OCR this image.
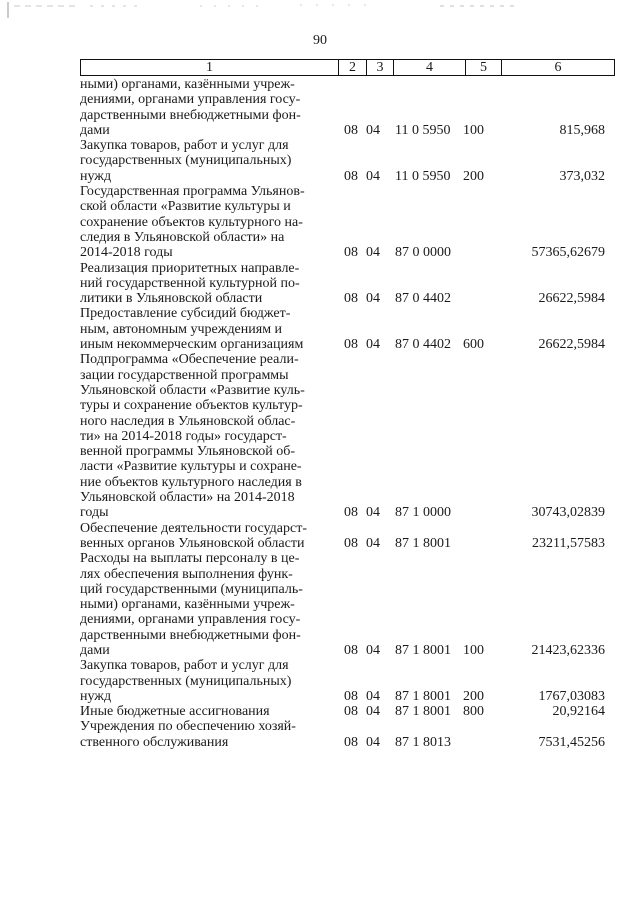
90
1	2	3	4	5	6
ными) органами, казёнными учреж-
дениями, органами управления госу-
дарственными внебюджетными фон-
дами	08 04	11 0 5950 100	815,968
Закупка товаров, работ и услуг для
государственных (муниципальных)
нужд	08 04	11 0 5950 200	373,032
Государственная программа Ульянов-
ской области «Развитие культуры и
сохранение объектов культурного на-
следия в Ульяновской области» на
2014-2018 годы	08 04	87 0 0000	57365,62679
Реализация приоритетных направле-
ний государственной культурной по-
литики в Ульяновской области	08 04	87 0 4402	26622,5984
Предоставление субсидий бюджет-
ным, автономным учреждениям и
иным некоммерческим организациям	08 04	87 0 4402 600	26622,5984
Подпрограмма «Обеспечение реали-
зации государственной программы
Ульяновской области «Развитие куль-
туры и сохранение объектов культур-
ного наследия в Ульяновской облас-
ти» на 2014-2018 годы» государст-
венной программы Ульяновской об-
ласти «Развитие культуры и сохране-
ние объектов культурного наследия в
Ульяновской области» на 2014-2018
годы	08 04	87 1 0000	30743,02839
Обеспечение деятельности государст-
венных органов Ульяновской области	08 04	87 1 8001	23211,57583
Расходы на выплаты персоналу в це-
лях обеспечения выполнения функ-
ций государственными (муниципаль-
ными) органами, казёнными учреж-
дениями, органами управления госу-
дарственными внебюджетными фон-
дами	08 04	87 1 8001 100	21423,62336
Закупка товаров, работ и услуг для
государственных (муниципальных)
нужд	08 04	87 1 8001 200	1767,03083
Иные бюджетные ассигнования	08 04	87 1 8001 800	20,92164
Учреждения по обеспечению хозяй-
ственного обслуживания	08 04	87 1 8013	7531,45256
